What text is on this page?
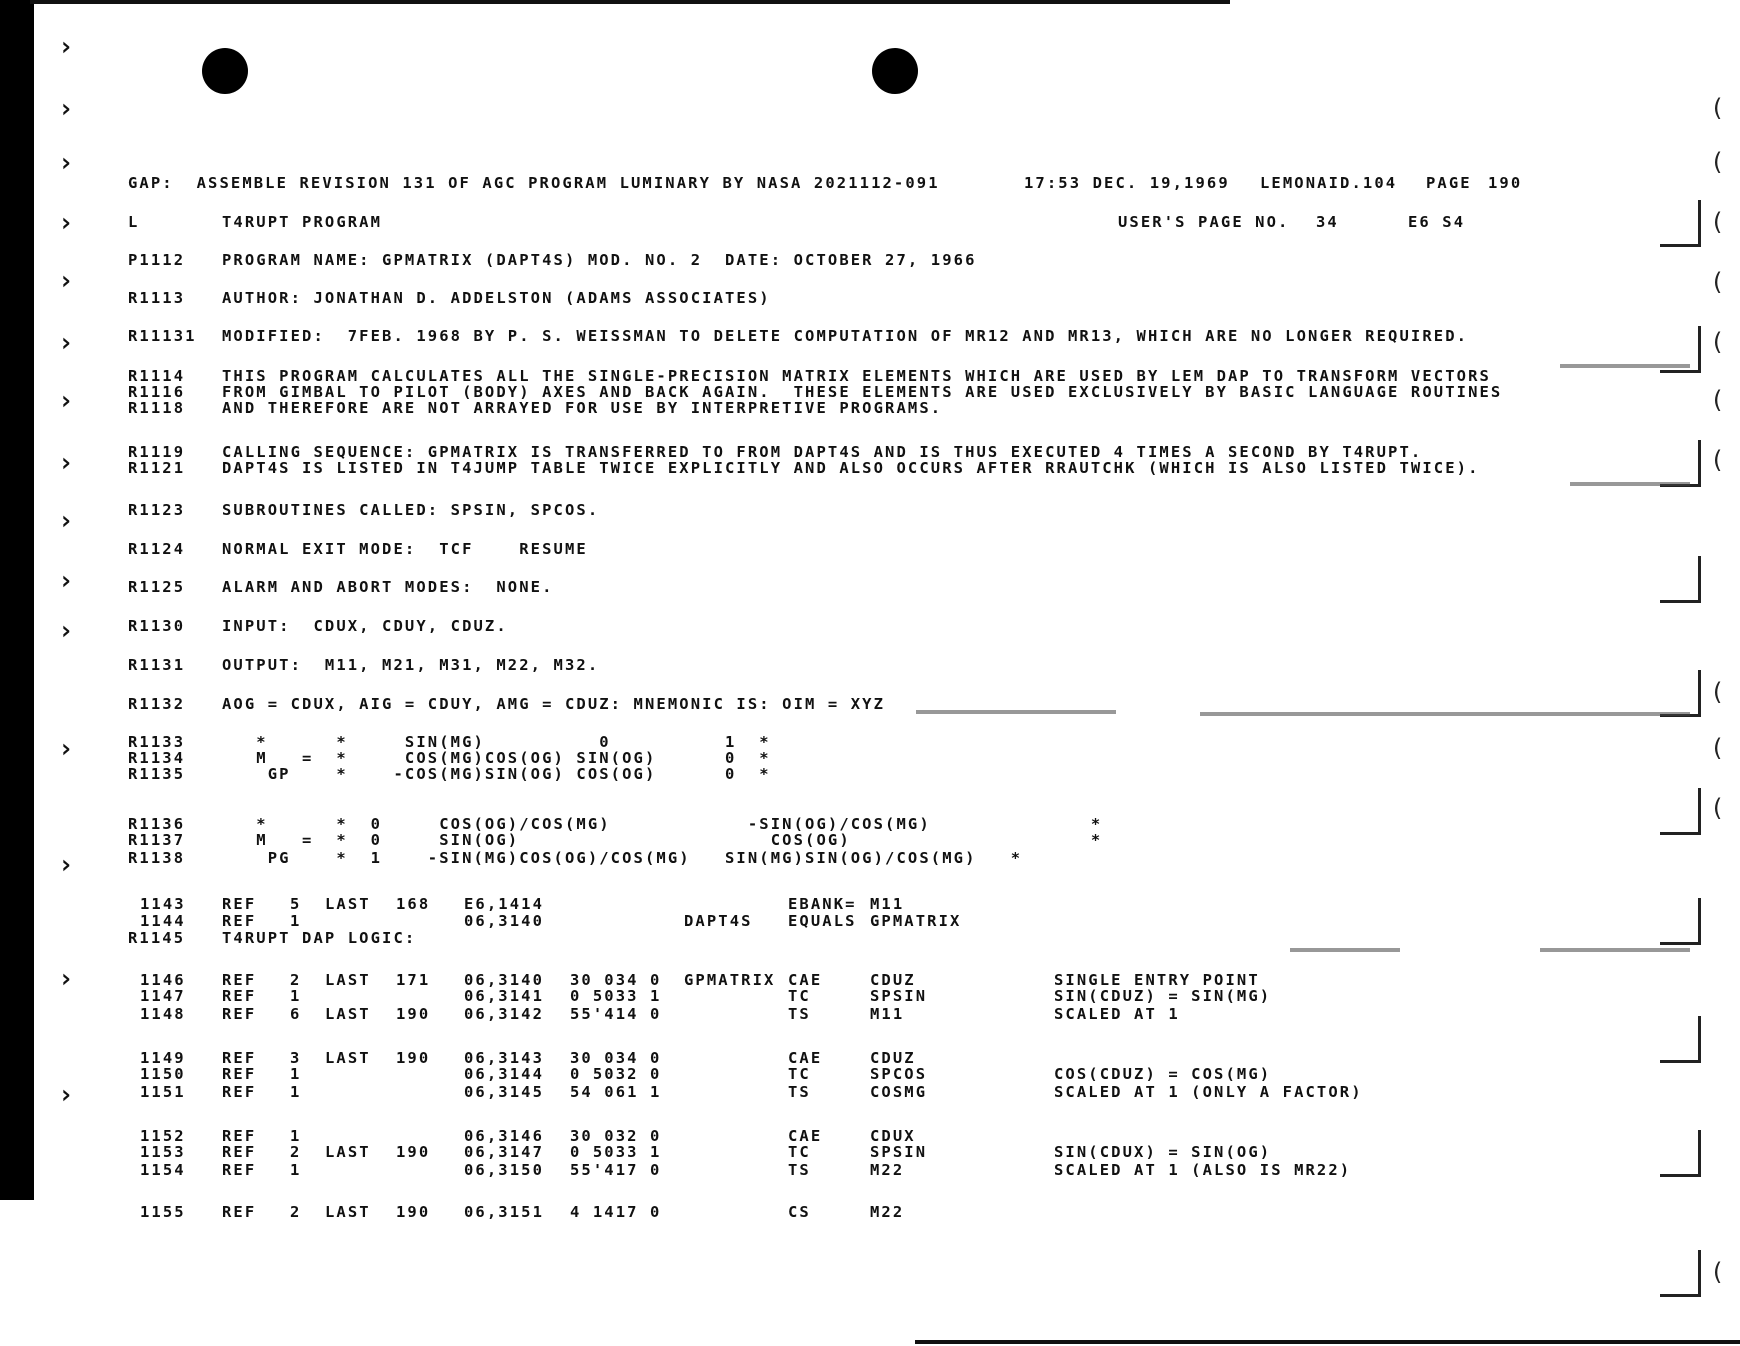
›
›
›
›
›
›
›
›
›
›
›
›
›
›
›
(
(
(
(
(
(
(
(
(
(
(
GAP:  ASSEMBLE REVISION 131 OF AGC PROGRAM LUMINARY BY NASA 2021112-091	17:53 DEC. 19,1969 LEMONAID.104 PAGE 190
L	T4RUPT PROGRAM	USER'S PAGE NO. 34	E6 S4
P1112 PROGRAM NAME: GPMATRIX (DAPT4S) MOD. NO. 2  DATE: OCTOBER 27, 1966
R1113 AUTHOR: JONATHAN D. ADDELSTON (ADAMS ASSOCIATES)
R11131 MODIFIED:  7FEB. 1968 BY P. S. WEISSMAN TO DELETE COMPUTATION OF MR12 AND MR13, WHICH ARE NO LONGER REQUIRED.
R1114 THIS PROGRAM CALCULATES ALL THE SINGLE-PRECISION MATRIX ELEMENTS WHICH ARE USED BY LEM DAP TO TRANSFORM VECTORS
R1116 FROM GIMBAL TO PILOT (BODY) AXES AND BACK AGAIN.  THESE ELEMENTS ARE USED EXCLUSIVELY BY BASIC LANGUAGE ROUTINES
R1118 AND THEREFORE ARE NOT ARRAYED FOR USE BY INTERPRETIVE PROGRAMS.
R1119 CALLING SEQUENCE: GPMATRIX IS TRANSFERRED TO FROM DAPT4S AND IS THUS EXECUTED 4 TIMES A SECOND BY T4RUPT.
R1121 DAPT4S IS LISTED IN T4JUMP TABLE TWICE EXPLICITLY AND ALSO OCCURS AFTER RRAUTCHK (WHICH IS ALSO LISTED TWICE).
R1123 SUBROUTINES CALLED: SPSIN, SPCOS.
R1124 NORMAL EXIT MODE:  TCF    RESUME
R1125 ALARM AND ABORT MODES:  NONE.
R1130 INPUT:  CDUX, CDUY, CDUZ.
R1131 OUTPUT:  M11, M21, M31, M22, M32.
R1132 AOG = CDUX, AIG = CDUY, AMG = CDUZ: MNEMONIC IS: OIM = XYZ
R1133 *      *     SIN(MG)          0          1  *
R1134 M   =  *     COS(MG)COS(OG) SIN(OG)      0  *
R1135 GP    *    -COS(MG)SIN(OG) COS(OG)      0  *
R1136 *      *  0     COS(OG)/COS(MG)            -SIN(OG)/COS(MG)              *
R1137 M   =  *  0     SIN(OG)                      COS(OG)                     *
R1138 PG    *  1    -SIN(MG)COS(OG)/COS(MG)   SIN(MG)SIN(OG)/COS(MG)   *
1143 REF 5 LAST 168 E6,1414	EBANK= M11
1144 REF 1	06,3140	DAPT4S EQUALS GPMATRIX
R1145 T4RUPT DAP LOGIC:
1146 REF 2 LAST 171 06,3140 30 034 0 GPMATRIX CAE	CDUZ	SINGLE ENTRY POINT
1147 REF 1	06,3141 0 5033 1	TC	SPSIN	SIN(CDUZ) = SIN(MG)
1148 REF 6 LAST 190 06,3142 55'414 0	TS	M11	SCALED AT 1
1149 REF 3 LAST 190 06,3143 30 034 0	CAE	CDUZ
1150 REF 1	06,3144 0 5032 0	TC	SPCOS	COS(CDUZ) = COS(MG)
1151 REF 1	06,3145 54 061 1	TS	COSMG	SCALED AT 1 (ONLY A FACTOR)
1152 REF 1	06,3146 30 032 0	CAE	CDUX
1153 REF 2 LAST 190 06,3147 0 5033 1	TC	SPSIN	SIN(CDUX) = SIN(OG)
1154 REF 1	06,3150 55'417 0	TS	M22	SCALED AT 1 (ALSO IS MR22)
1155 REF 2 LAST 190 06,3151 4 1417 0	CS	M22
